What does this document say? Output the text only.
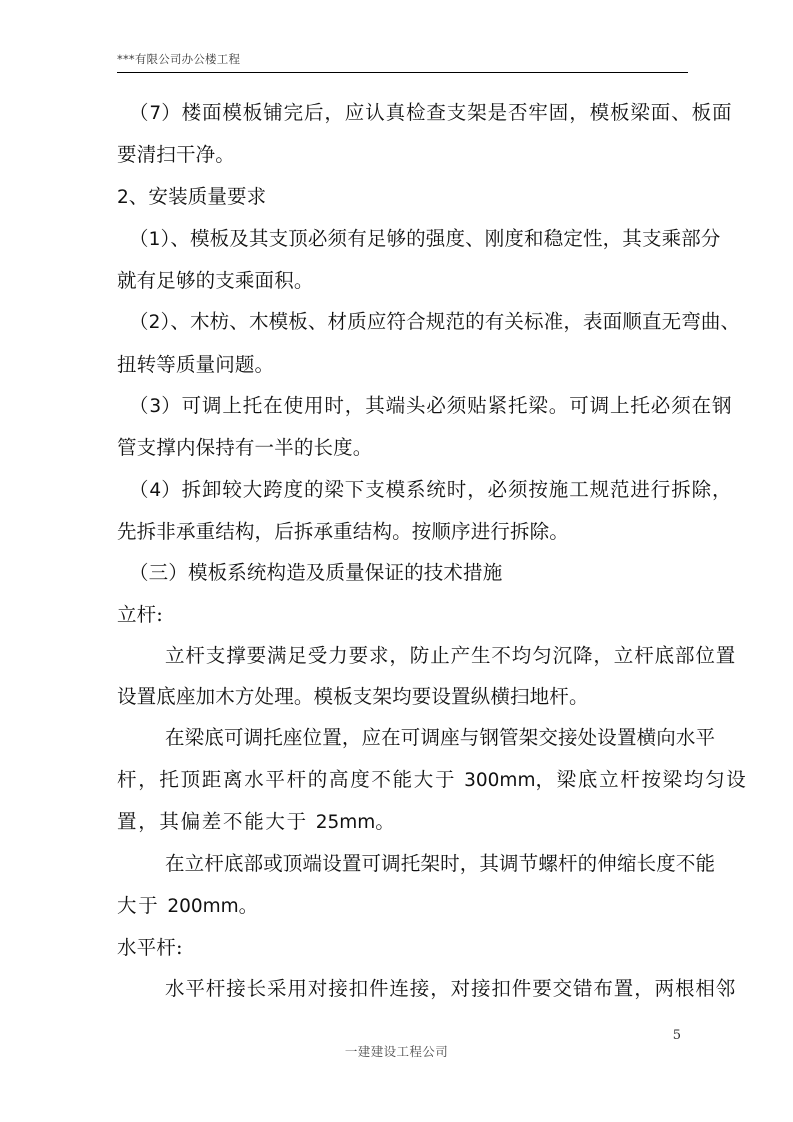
***有限公司办公楼工程
（7）楼面模板铺完后，应认真检查支架是否牢固，模板梁面、板面
要清扫干净。
2、安装质量要求
（1）、模板及其支顶必须有足够的强度、刚度和稳定性，其支乘部分
就有足够的支乘面积。
（2）、木枋、木模板、材质应符合规范的有关标准，表面顺直无弯曲、
扭转等质量问题。
（3）可调上托在使用时，其端头必须贴紧托梁。可调上托必须在钢
管支撑内保持有一半的长度。
（4）拆卸较大跨度的梁下支模系统时，必须按施工规范进行拆除，
先拆非承重结构，后拆承重结构。按顺序进行拆除。
（三）模板系统构造及质量保证的技术措施
立杆:
立杆支撑要满足受力要求，防止产生不均匀沉降，立杆底部位置
设置底座加木方处理。模板支架均要设置纵横扫地杆。
在梁底可调托座位置，应在可调座与钢管架交接处设置横向水平
杆，托顶距离水平杆的高度不能大于 300mm，梁底立杆按梁均匀设
置，其偏差不能大于 25mm。
在立杆底部或顶端设置可调托架时，其调节螺杆的伸缩长度不能
大于 200mm。
水平杆:
水平杆接长采用对接扣件连接，对接扣件要交错布置，两根相邻
5
一建建设工程公司
